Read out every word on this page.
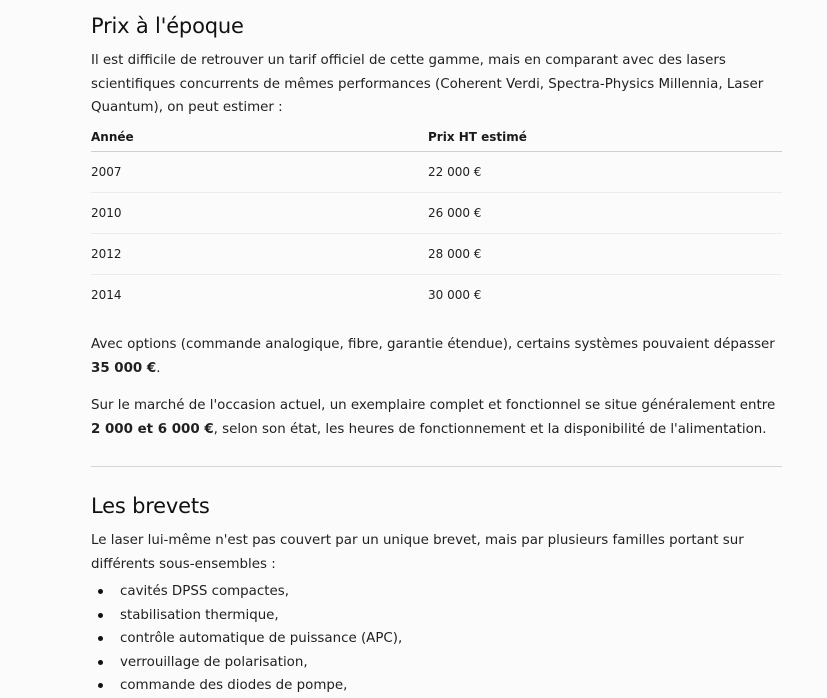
Prix à l'époque

Il est difficile de retrouver un tarif officiel de cette gamme, mais en comparant avec des lasers scientifiques concurrents de mêmes performances (Coherent Verdi, Spectra-Physics Millennia, Laser Quantum), on peut estimer :

Année	Prix HT estimé
2007	22 000 €
2010	26 000 €
2012	28 000 €
2014	30 000 €

Avec options (commande analogique, fibre, garantie étendue), certains systèmes pouvaient dépasser 35 000 €.

Sur le marché de l'occasion actuel, un exemplaire complet et fonctionnel se situe généralement entre 2 000 et 6 000 €, selon son état, les heures de fonctionnement et la disponibilité de l'alimentation.

Les brevets

Le laser lui-même n'est pas couvert par un unique brevet, mais par plusieurs familles portant sur différents sous-ensembles :

cavités DPSS compactes,
stabilisation thermique,
contrôle automatique de puissance (APC),
verrouillage de polarisation,
commande des diodes de pompe,
